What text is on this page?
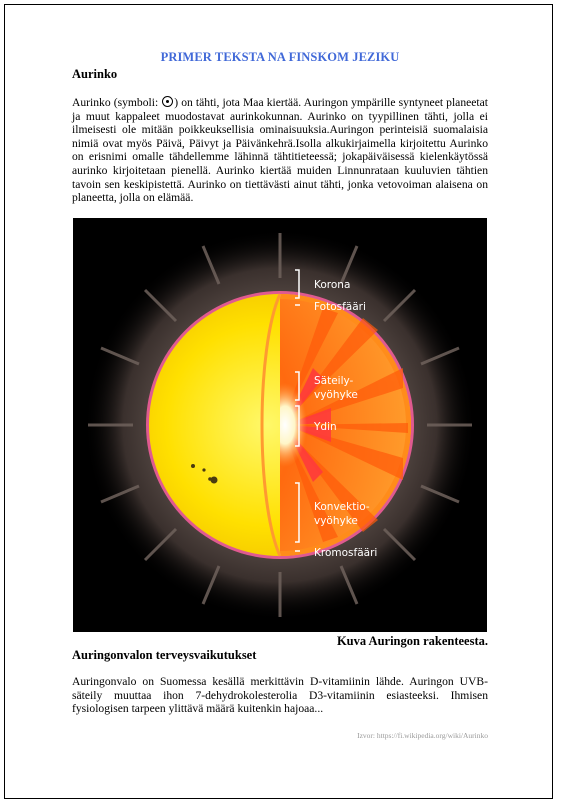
PRIMER TEKSTA NA FINSKOM JEZIKU
Aurinko

Aurinko (symboli: ) on tähti, jota Maa kiertää. Auringon ympärille syntyneet planeetat ja muut kappaleet muodostavat aurinkokunnan. Aurinko on tyypillinen tähti, jolla ei ilmeisesti ole mitään poikkeuksellisia ominaisuuksia.Auringon perinteisiä suomalaisia nimiä ovat myös Päivä, Päivyt ja Päivänkehrä.Isolla alkukirjaimella kirjoitettu Aurinko on erisnimi omalle tähdellemme lähinnä tähtitieteessä; jokapäiväisessä kielenkäytössä aurinko kirjoitetaan pienellä. Aurinko kiertää muiden Linnunrataan kuuluvien tähtien tavoin sen keskipistettä. Aurinko on tiettävästi ainut tähti, jonka vetovoiman alaisena on planeetta, jolla on elämää.

Korona
Fotosfääri
Säteily-
vyöhyke
Ydin
Konvektio-
vyöhyke
Kromosfääri
Kuva Auringon rakenteesta.
Auringonvalon terveysvaikutukset

Auringonvalo on Suomessa kesällä merkittävin D-vitamiinin lähde. Auringon UVB-säteily muuttaa ihon 7-dehydrokolesterolia D3-vitamiinin esiasteeksi. Ihmisen fysiologisen tarpeen ylittävä määrä kuitenkin hajoaa...

Izvor: https://fi.wikipedia.org/wiki/Aurinko
